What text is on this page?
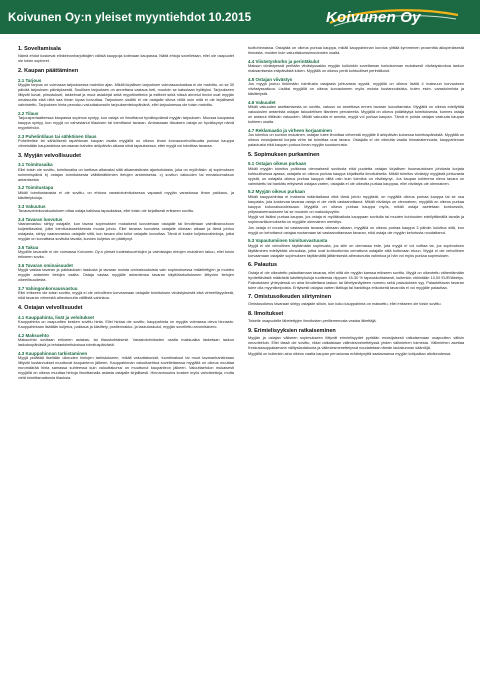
Koivunen Oy:n yleiset myyntiehdot 10.2015	Koivunen Oy
1. Soveltamisala
Nämä ehdot koskevat elinkeinonharjoittajien välisiä kauppoja kotimaan kaupassa. Näitä ehtoja sovelletaan, ellei ole osapuolet ole toisin sopineet.
2. Kaupan päättäminen
2.1 Tarjous
Myyjän tarjous on voimassa tarjouksessa mainitun ajan. Mikäli kirjallisen tarjouksen voimassaoloaikaa ei ole mainittu, on se 30 päivää tarjouksen päiväyksestä. Suullisen tarjouksen on annettava vastaus heti, muutoin se katsotaan hylätyksi. Tarjoukseen liittyvät kuvat, piirustukset, laskelmat ja muut asiakirjat sekä myyntiluettelot ja esitteet sekä niissä annetut tiedot ovat myyjän omaisuutta eikä niitä saa ilman lupaa luovuttaa. Tarjouksen sisältö ei ole ostajalle sitova niiltä osin mitä ei ole kirjallisesti vahvistettu. Tarjouksen hinta perustuu valuuttakurssiin tarjouksentekopäivänä, ellei tarjouksessa ole toisin mainittu.
2.2 Tilaus
Tarjousperiaatteessa kaupassa sopimus syntyy, kun ostaja on ilmoittanut hyväksyvänsä myyjän tarjouksen. Muussa kaupassa kauppa syntyy, kun myyjä on vahvistanut tilauksen tai toimittanut tavaran. Ambassaan tilauksen ostaja on hyväksynyt nämä myyntiehdot.
2.3 Puhelintilaus tai sähköinen tilaus
Puhelimitse tai sähköisesti tapahtuvan kaupan osalta myyjällä on oikeus ilman korvausvelvollisuutta purkaa kauppa viimeistään kaupantekoa seuraavan kahden arkipäivän aikana siinä tapauksessa, ettei myyjä voi toimittaa tavaraa.
3. Myyjän velvollisuudet
3.1 Toimitusaika
Ellei toisin ole sovittu, toimitusaika on luettava alkavaksi siitä alkamaisitusta ajankohdasta, joka on myöhäisin: a) sopimuksen solmimispäivä b) ostajan toimituksesta välttämättömien tietojen antamisesta. c) sovitun vakuuden tai ennakkomaksun antamisesta
3.2 Toimitustapa
Mikäli toimitustavasta ei ole sovittu, on ehtona varastotoimituksessa vapaasti myyjän varastossa ilman pakkaus- ja käsittelykuluja.
3.3 Vakuutus
Tavaravahinkovakuutuksen ottaa ostaja kaikissa tapauksissa, ellei toisin ole kirjallisesti erikseen sovittu.
3.4 Tavaran luovutus
Vaaranvastuu siirtyy ostajalle, kun tavara sopimuksen mukaisesti luovutetaan ostajalle tai ilmoitetaan valmiiksinoutoon kuljetettavaksi, jollei toimituslausekkeesta muuta johdu. Ellei tavaraa luovuteta ostajalle oikeaan aikaan ja tämä johtuu ostajasta, siirtyy vaaranvastuu ostajalle siitä, kun tavara olisi tullut ostajalle luovuttaa. Tämä ei koske kuljetusvahinkoja, jotka myyjän on korvattava sovitulla tavalla, kunnes kuljetus on päättynyt.
3.5 Takuu
Myydille tavaralle ei ole voimassa Koivunen Oy:n yleiset tuotetakuuehtojen ja valmistajan ehtojen mukainen takuu, ellei toisin erikseen sovita.
3.6 Tavaran ominaisuudet
Myyjä vastaa tavaran ja pakkauksen laadusta ja tavaran muista ominaisuuksista vain sopimuksessa määriteltyjen ja muiden myyjän antamien tietojen osalta. Ostaja vastaa myyjälle antamiensa tavaran käyttötarkoitukseen liittyvien tietojen oikeellisuudesta.
3.7 Vahingonkorvausvastuu
Ellei erikseen ole toisin sovittu, myyjä ei ole velvollinen korvaamaan ostajalle toimituksen viivästyksestä eikä virheellisyydestä, eikä tavaran virheestä aiheutunutta välillistä vahinkoa.
4. Ostajan velvollisuudet
4.1 Kauppahinta, lisät ja veloitukset
Kauppahinta on osapuolten kesken sovittu hinta. Ellei hintaa ole sovittu, kauppahinta on myyjän voimassa oleva hinnasto. Kauppahintaan lisätään kuljetus, pakkaus ja käsittely, postiennakko- ja laskutuskulut, myyjän sovellettu arvonlisävero.
4.2 Maksuehto
Maksuehto sovitaan erikseen asiakas- tai tilauskohtaisesti. Varastotoimitusten osalta maksuaika lasketaan laskun laskutuspäivästä ja tehdastoimituksissa toimituspäivästä.
4.3 Kauppahinnan tarkistaminen
Myyjä pidättää itsellään oikeuden hintojen tarkistukseen, mikäli valuuttakurssit, tuontimaksut tai muut tavaranhankintaan liittyvät kustannukset muuttuvat kaupanteon jälkeen. Kauppahinnan valuuttaehtoa sovellettaessa myyjällä on oikeus muuttaa euromäärää hinta samassa suhteessa kuin valuuttakurssi on muuttunut kaupanteon jälkeen. Valuuttaehdon mukaisesti myyjällä on oikeus muuttaa hintoja ilmoittamalla asiasta ostajalle kirjallisesti. Hinnanmuutos koskee myös vahvistettuja, mutta vielä toimittamattomia tilauksia.
tuottohinnassa. Ostajalla on oikeus purkaa kauppa, mikäli kauppahinnan korotus ylittää kymmenen prosenttia alkuperäisestä hinnasta, muiden kuin valuuttakurssimuutosten osalta.
4.4 Viivästyskorko ja perintäkulut
Maksun viivästyessä peritään viivästyssakko myyjän kulloinkin soveltaman korkokannan mukaisesti viivästyskorkoa laskun maksamisesta eräpäivästä lukien. Myyjällä on oikeus periä kohtuulliset perintäkulut.
4.5 Ostajan viivästys
Jos myyjä joutuu tinkimään toimitusta ostajasta johtuvasta syystä, myyjällä on oikeus lisätä 4 maksuun korvauksen viivästyssakkoa. Lisäksi myyjällä on oikeus korvaukseen myös muista kustannuksista, kuten esim. varastoinnista ja käsittelystä.
4.6 Vakuudet
Mikäli vakuuden asettamisesta on sovittu, vakuus on annettava ennen tavaran luovuttamista. Myyjällä on oikeus edellyttää vakuuksien antamista ostajan taloudellisen tilanteen perusteella. Myyjällä on oikeus pidättäytyä toimituksesta, kunnes ostaja on antanut riittävän vakuuden. Mikäli vakuutta ei anneta, myyjä voi purkaa kaupan. Tämä ei poista ostajan vastuuta kaupan kohteen osalta.
4.7 Reklamaatio ja virheen korjaaminen
Jos toimitus on sovitun mukainen, ostajan tulee ilmoittaa virheestä myyjälle 8 arkipäivän kuluessa toimituspäivästä. Myyjällä on oikeus ensisijaisesti korjata virhe tai toimittaa uusi tavara. Ostajalla ei ole oikeutta vaatia hinnanalennusta, kauppahinnan palautusta eikä kaupan purkua ilman myyjän suostumusta.
5. Sopimuksen purkaminen
5.1 Ostajan oikeus purkaan
Mikäli myyjän toimitus poikkeaa olennaisesti sovitusta eikä puutetta ostajan kirjallisen huomautuksen johdosta korjata kohtuullisessa ajassa, ostajalla on oikeus purkaa kauppa kirjallisella ilmoituksella. Mikäli toimitus viivästyy myyjästä johtuvasta syystä, on ostajalla oikeus purkaa kauppa niiltä osin kuin toimitus on viivästynyt. Jos kaupan kohteena oleva tavara on valmistettu tai hankittu erityisesti ostajaa varten, ostajalla ei ole oikeutta purkaa kauppaa, ellei viivästys ole olennainen.
5.2 Myyjän oikeus purkaan
Mikäli kauppahintaa ei makseta määräaikana eikä tämä johdu myyjästä, on myyjällä oikeus purkaa kauppa tai se osa kaupasta, jota koskevaa tavaraa ostaja ei ole vielä vastaanottanut. Mikäli viivästys on olennainen, myyjällä on oikeus purkaa kauppa kokonaisuudessaan. Myyjällä on oikeus purkaa kauppa myös, mikäli ostaja asetetaan konkurssiin, yrityssaneeraukseen tai se muutoin on maksukyvytön.
Myyjä voi lisäksi purkaa kaupan, jos ostaja ei myötävaikuta kauppaan sovitulla tai muuten kohtuuden edellyttämällä tavalla ja sopimusrikkomuksella on myyjälle olennainen merkitys.
Jos ostaja ei nouda tai vastaanota tavaraa oikeaan aikaan, myyjällä on oikeus purkaa kauppa 3 päivän kuluttua siitä, kun myyjä on kehottanut ostajaa noutamaan tai vastaanottamaan tavaran, eikä ostaja ole myyjän kehotusta noudattanut.
5.3 Vapautumiinen toimitusvastuusta
Myyjä ei ole velvollinen täyttämään sopimusta, jos sille on olemassa este, jota myyjä ei voi voittaa tai, jos sopimuksen täyttäminen edellyttäisi uhrauksia, jotka ovat kohtuuttomia verrattuna ostajalle siitä koituvaan etuun. Myyjä ei ole velvollinen korvaamaan ostajalle sopimuksen täyttämättä jättämisestä aiheutunutta vahinkoa ja hän voi myös purkaa sopimuksen.
6. Palautus
Ostaja ei ole oikeutettu palauttamaan tavaraa, ellei siitä ole myyjän kanssa erikseen sovittu. Myyjä on oikeutettu vähentämään hyvitettävästä määrästä käsittelykuluja tuotteesta riippuen 15-30 % tapauskohtaisesti, kuitenkin vähintään 10,00 EUR/lähetys. Palautuksen yhteydessä on aina ilmoitettava laskun tai lähetysnäytteen numero sekä palautuksen syy. Palautettavan tavaran tulee olla myyntikelpoista. Erityisesti ostajaa varten tilattuja tai hankittuja erikoiseriä tavaroita ei voi myyjälle palauttaa.
7. Omistusoikeuden siirtyminen
Omistusoikeus tavaraan siirtyy ostajalle silloin, kun koko kauppahinta on maksettu, ellei erikseen ole toisin sovittu.
8. Ilmoitukset
Toiselle osapuolelle lähetettyjen ilmoitusten perillemenosta vastaa lähettäjä.
9. Erimielisyyksien ratkaiseminen
Myyjän ja ostajan väliseen sopimukseen liittyvät erimielisyydet pyritään ensisijaisesti ratkaisemaan osapuolten välisin neuvotteluin. Ellei tässä ole sovittu, riidat ratkaistaan välimiesmenettelyssä yhden välimiehen toimesta. Välimiehen asettaa Keskuskauppakamarin välityslautakunta ja välimiesmenettelyssä noudatetaan tämän lautakunnan sääntöjä.
Myyjällä on kuitenkin aina oikeus vaatia kaupan perustuvaa erääntynyttä saatavaansa myyjän kotipaikan alioikeudessa.
